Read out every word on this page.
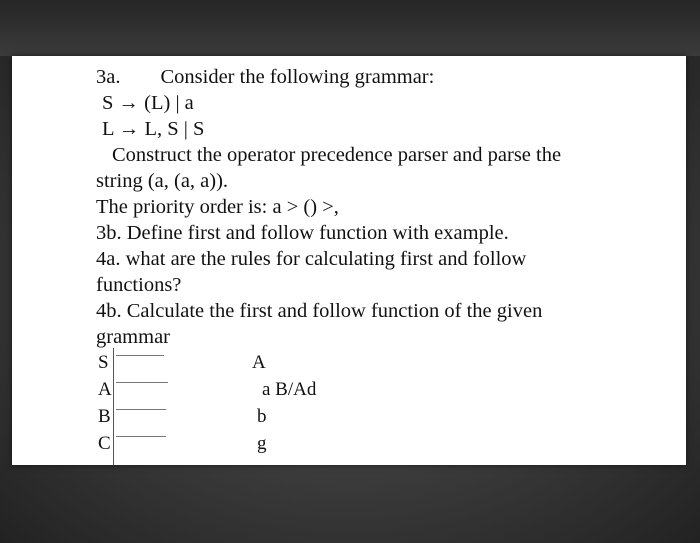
3a. Consider the following grammar:
S → (L) | a
L → L, S | S
Construct the operator precedence parser and parse the
string (a, (a, a)).
The priority order is: a > () >,
3b. Define first and follow function with example.
4a. what are the rules for calculating first and follow
functions?
4b. Calculate the first and follow function of the given
grammar
S	A
A	a B/Ad
B	b
C	g
